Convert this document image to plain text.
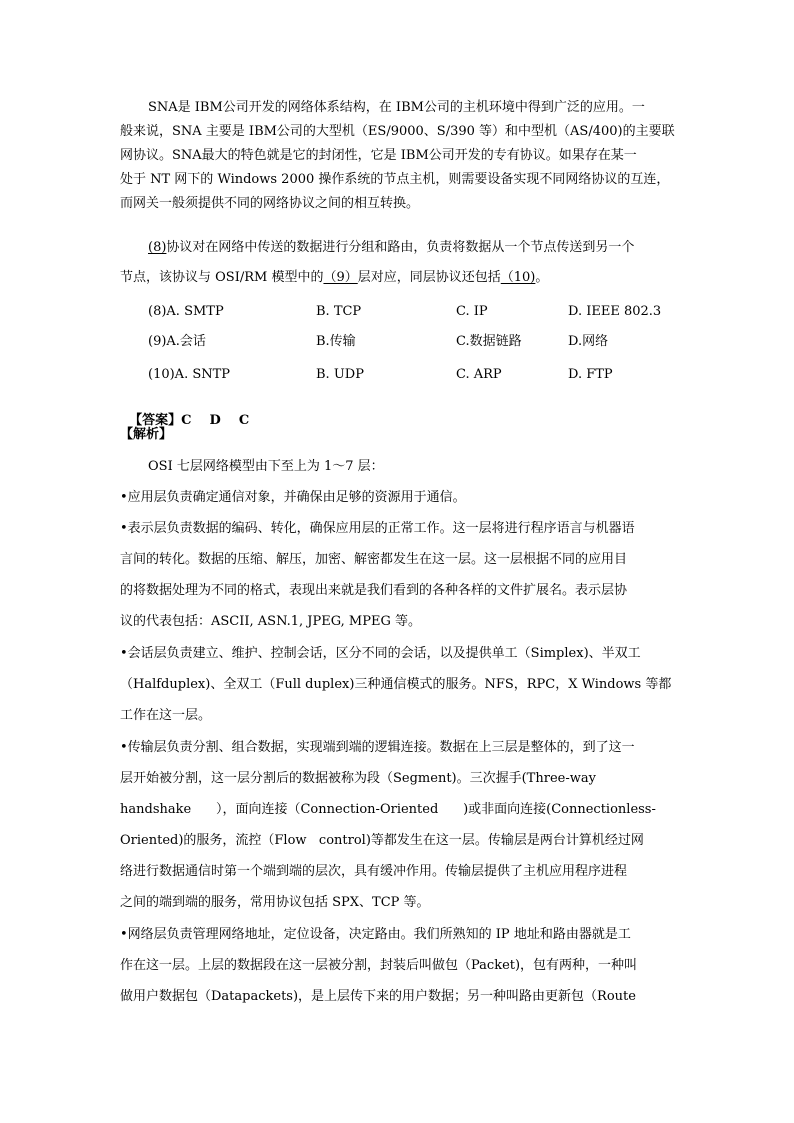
SNA是 IBM公司开发的网络体系结构，在 IBM公司的主机环境中得到广泛的应用。一
般来说，SNA 主要是 IBM公司的大型机（ES/9000、S/390 等）和中型机（AS/400)的主要联
网协议。SNA最大的特色就是它的封闭性，它是 IBM公司开发的专有协议。如果存在某一
处于 NT 网下的 Windows 2000 操作系统的节点主机，则需要设备实现不同网络协议的互连，
而网关一般须提供不同的网络协议之间的相互转换。
(8)协议对在网络中传送的数据进行分组和路由，负责将数据从一个节点传送到另一个
节点，该协议与 OSI/RM 模型中的（9）层对应，同层协议还包括（10)。
(8)A. SMTP	B. TCP	C. IP	D. IEEE 802.3
(9)A.会话	B.传输	C.数据链路	D.网络
(10)A. SNTP	B. UDP	C. ARP	D. FTP

【答案】C    D    C

【解析】
OSI 七层网络模型由下至上为 1～7 层：
•应用层负责确定通信对象，并确保由足够的资源用于通信。
•表示层负责数据的编码、转化，确保应用层的正常工作。这一层将进行程序语言与机器语
言间的转化。数据的压缩、解压，加密、解密都发生在这一层。这一层根据不同的应用目
的将数据处理为不同的格式，表现出来就是我们看到的各种各样的文件扩展名。表示层协
议的代表包括：ASCII, ASN.1, JPEG, MPEG 等。
•会话层负责建立、维护、控制会话，区分不同的会话，以及提供单工（Simplex)、半双工
（Halfduplex)、全双工（Full duplex)三种通信模式的服务。NFS，RPC，X Windows 等都
工作在这一层。
•传输层负责分割、组合数据，实现端到端的逻辑连接。数据在上三层是整体的，到了这一
层开始被分割，这一层分割后的数据被称为段（Segment)。三次握手(Three-way
handshake      ），面向连接（Connection-Oriented      )或非面向连接(Connectionless-
Oriented)的服务，流控（Flow   control)等都发生在这一层。传输层是两台计算机经过网
络进行数据通信时第一个端到端的层次，具有缓冲作用。传输层提供了主机应用程序进程
之间的端到端的服务，常用协议包括 SPX、TCP 等。
•网络层负责管理网络地址，定位设备，决定路由。我们所熟知的 IP 地址和路由器就是工
作在这一层。上层的数据段在这一层被分割，封装后叫做包（Packet)，包有两种，一种叫
做用户数据包（Datapackets)，是上层传下来的用户数据；另一种叫路由更新包（Route
